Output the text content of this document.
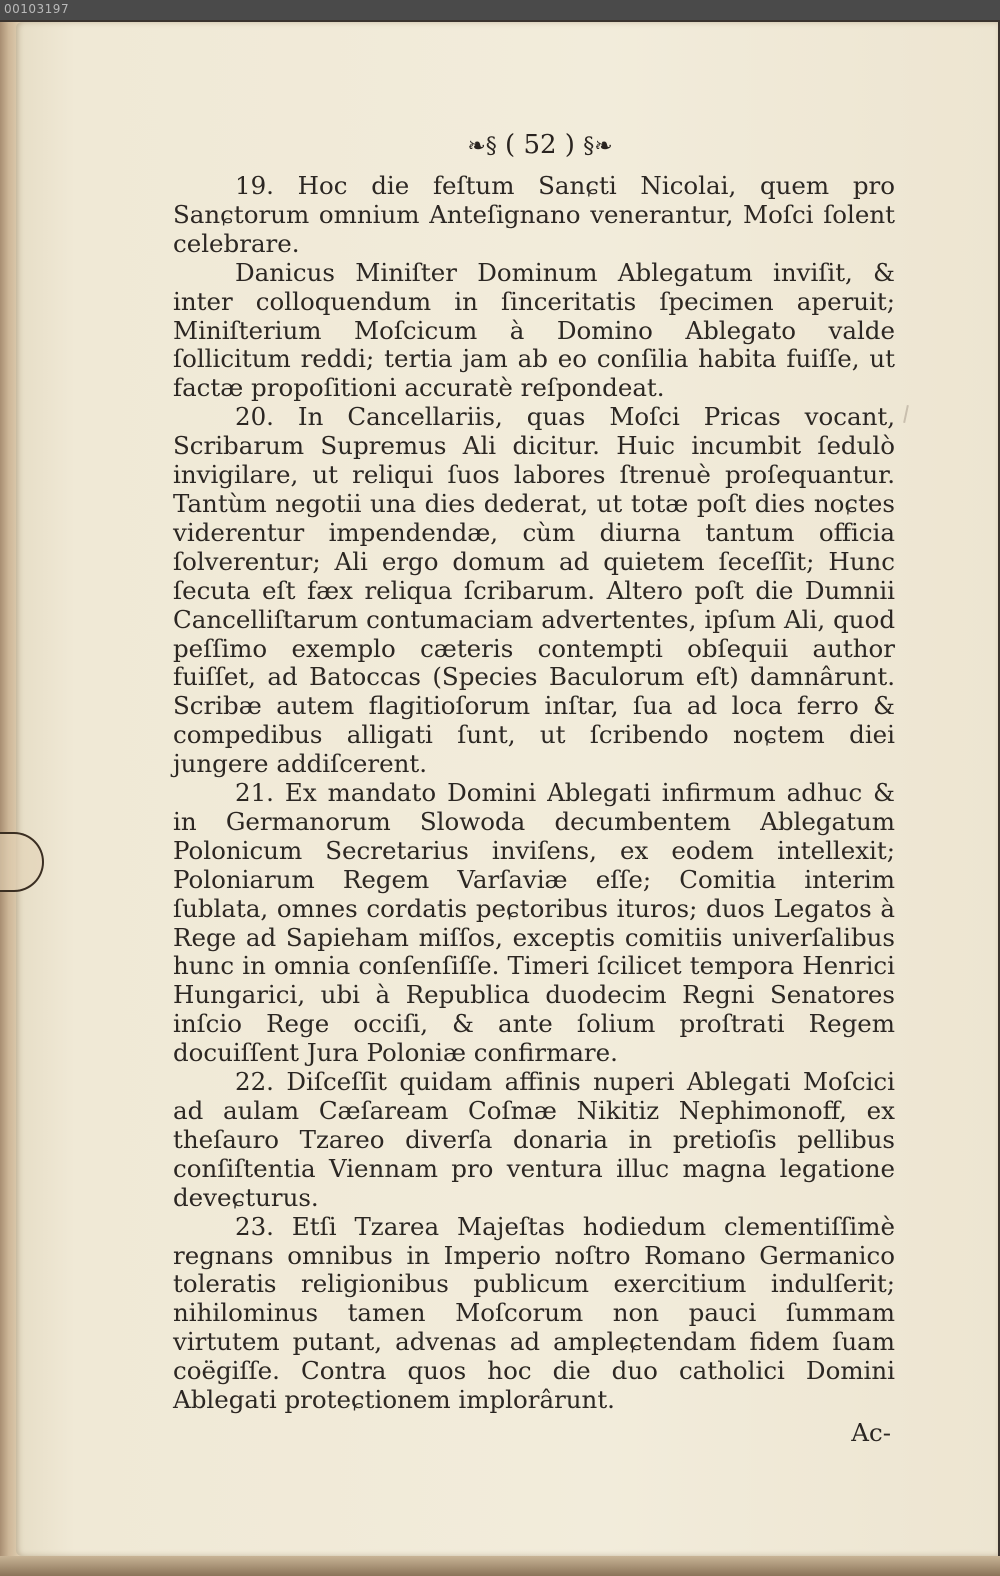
00103197
❧§ ( 52 ) §❧

19. Hoc die feſtum Sanɕti Nicolai, quem pro Sanɕtorum omnium Anteſignano venerantur, Moſci ſolent celebrare.

Danicus Miniſter Dominum Ablegatum inviſit, & inter colloquendum in ſinceritatis ſpecimen aperuit; Miniſterium Moſcicum à Domino Ablegato valde ſollicitum reddi; tertia jam ab eo conſilia habita fuiſſe, ut factæ propoſitioni accuratè reſpondeat.

20. In Cancellariis, quas Moſci Pricas vocant, Scribarum Supremus Ali dicitur. Huic incumbit ſedulò invigilare, ut reliqui ſuos labores ſtrenuè proſequantur. Tantùm negotii una dies dederat, ut totæ poſt dies noɕtes viderentur impendendæ, cùm diurna tantum officia ſolverentur; Ali ergo domum ad quietem ſeceſſit; Hunc ſecuta eſt fæx reliqua ſcribarum. Altero poſt die Dumnii Cancelliſtarum contumaciam advertentes, ipſum Ali, quod peſſimo exemplo cæteris contempti obſequii author fuiſſet, ad Batoccas (Species Baculorum eſt) damnârunt. Scribæ autem flagitioſorum inſtar, ſua ad loca ferro & compedibus alligati ſunt, ut ſcribendo noɕtem diei jungere addiſcerent.

21. Ex mandato Domini Ablegati infirmum adhuc & in Germanorum Slowoda decumbentem Ablegatum Polonicum Secretarius inviſens, ex eodem intellexit; Poloniarum Regem Varſaviæ eſſe; Comitia interim ſublata, omnes cordatis peɕtoribus ituros; duos Legatos à Rege ad Sapieham miſſos, exceptis comitiis univerſalibus hunc in omnia conſenſiſſe. Timeri ſcilicet tempora Henrici Hungarici, ubi à Republica duodecim Regni Senatores inſcio Rege occiſi, & ante ſolium proſtrati Regem docuiſſent Jura Poloniæ confirmare.

22. Diſceſſit quidam affinis nuperi Ablegati Moſcici ad aulam Cæſaream Coſmæ Nikitiz Nephimonoff, ex theſauro Tzareo diverſa donaria in pretioſis pellibus conſiſtentia Viennam pro ventura illuc magna legatione deveɕturus.

23. Etſi Tzarea Majeſtas hodiedum clementiſſimè regnans omnibus in Imperio noſtro Romano Germanico toleratis religionibus publicum exercitium indulſerit; nihilominus tamen Moſcorum non pauci ſummam virtutem putant, advenas ad ampleɕtendam fidem ſuam coëgiſſe. Contra quos hoc die duo catholici Domini Ablegati proteɕtionem implorârunt.

Ac-
